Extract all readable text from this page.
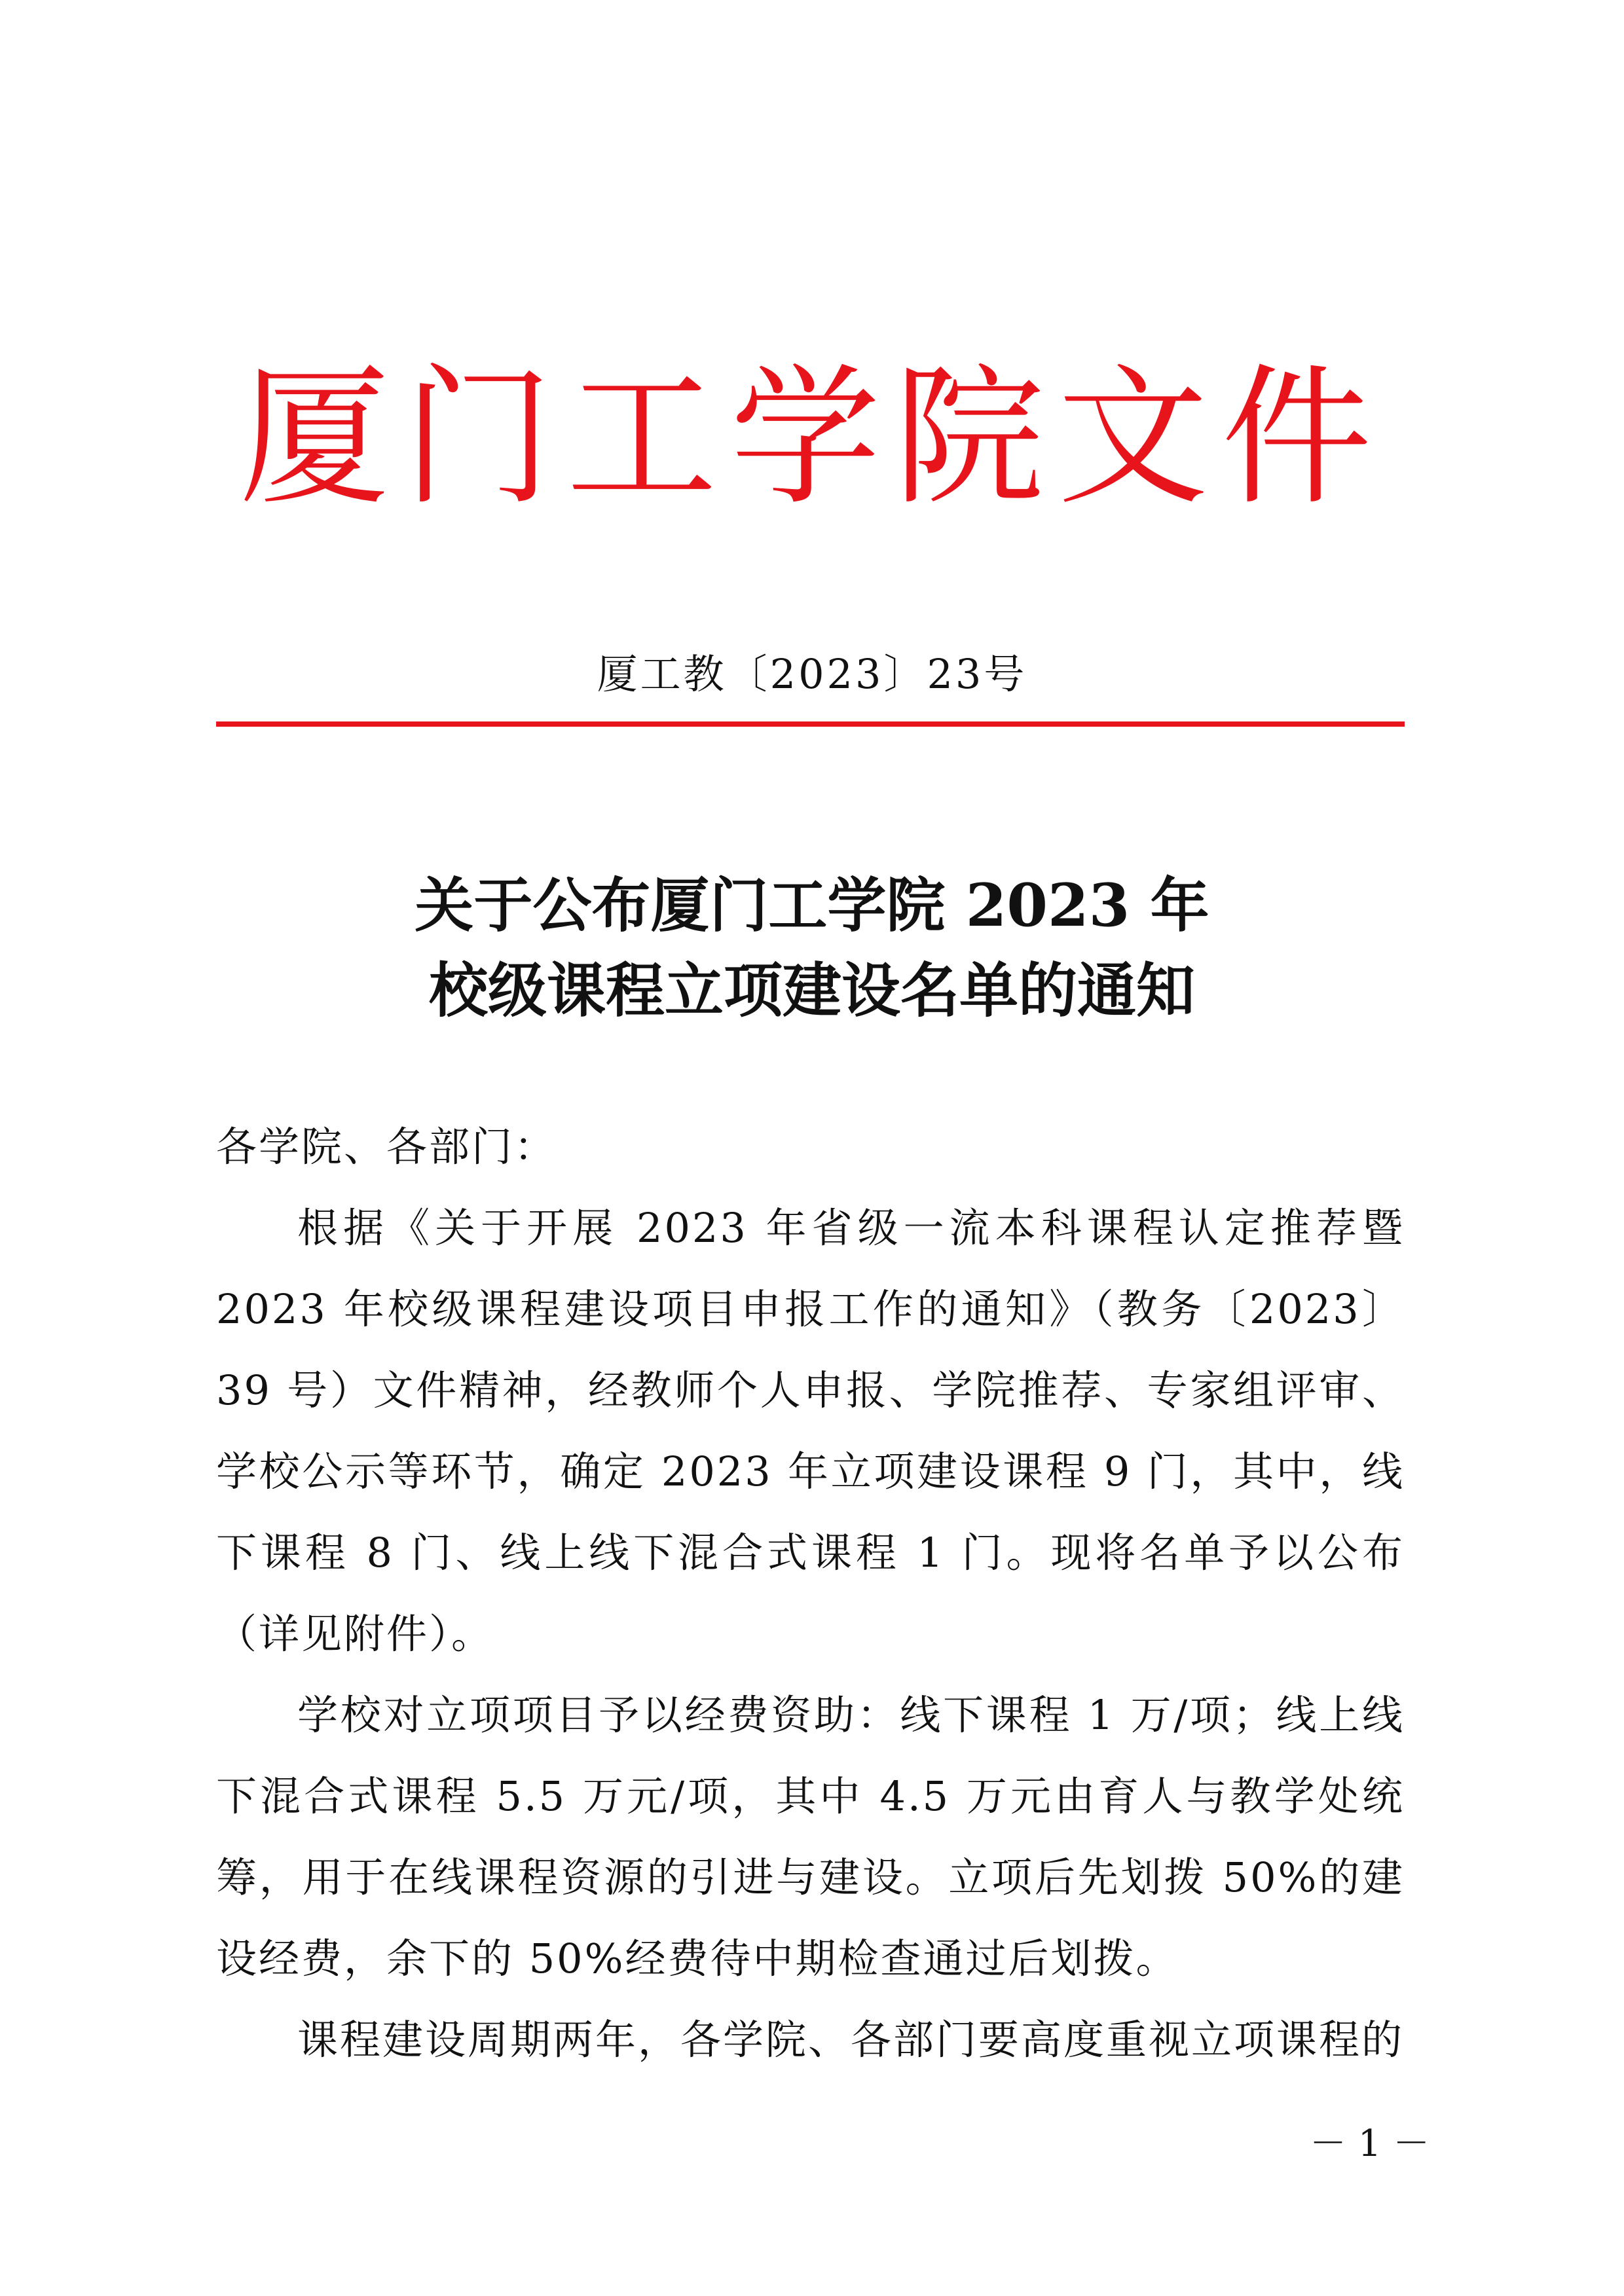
厦门工学院文件
厦工教〔2023〕23号
关于公布厦门工学院 2023 年
校级课程立项建设名单的通知

各学院、各部门：

根据《关于开展 2023 年省级一流本科课程认定推荐暨 2023 年校级课程建设项目申报工作的通知》（教务〔2023〕39 号）文件精神，经教师个人申报、学院推荐、专家组评审、学校公示等环节，确定 2023 年立项建设课程 9 门，其中，线下课程 8 门、线上线下混合式课程 1 门。现将名单予以公布（详见附件）。

学校对立项项目予以经费资助：线下课程 1 万/项；线上线下混合式课程 5.5 万元/项，其中 4.5 万元由育人与教学处统筹，用于在线课程资源的引进与建设。立项后先划拨 50%的建设经费，余下的 50%经费待中期检查通过后划拨。

课程建设周期两年，各学院、各部门要高度重视立项课程的

－ 1 －
